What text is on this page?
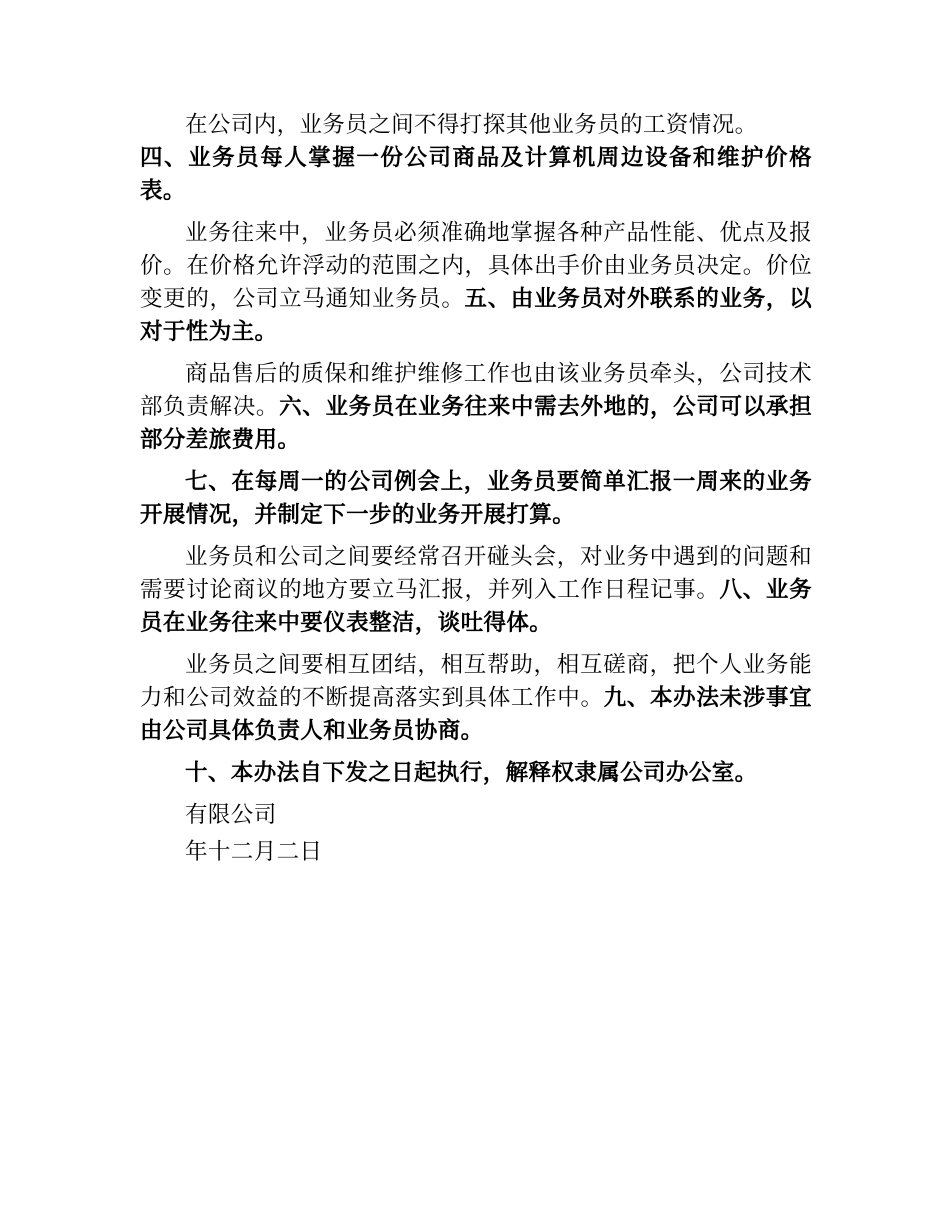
在公司内，业务员之间不得打探其他业务员的工资情况。

四、业务员每人掌握一份公司商品及计算机周边设备和维护价格表。

业务往来中，业务员必须准确地掌握各种产品性能、优点及报价。在价格允许浮动的范围之内，具体出手价由业务员决定。价位变更的，公司立马通知业务员。五、由业务员对外联系的业务，以对于性为主。

商品售后的质保和维护维修工作也由该业务员牵头，公司技术部负责解决。六、业务员在业务往来中需去外地的，公司可以承担部分差旅费用。

七、在每周一的公司例会上，业务员要简单汇报一周来的业务开展情况，并制定下一步的业务开展打算。

业务员和公司之间要经常召开碰头会，对业务中遇到的问题和需要讨论商议的地方要立马汇报，并列入工作日程记事。八、业务员在业务往来中要仪表整洁，谈吐得体。

业务员之间要相互团结，相互帮助，相互磋商，把个人业务能力和公司效益的不断提高落实到具体工作中。九、本办法未涉事宜由公司具体负责人和业务员协商。

十、本办法自下发之日起执行，解释权隶属公司办公室。

有限公司

年十二月二日
